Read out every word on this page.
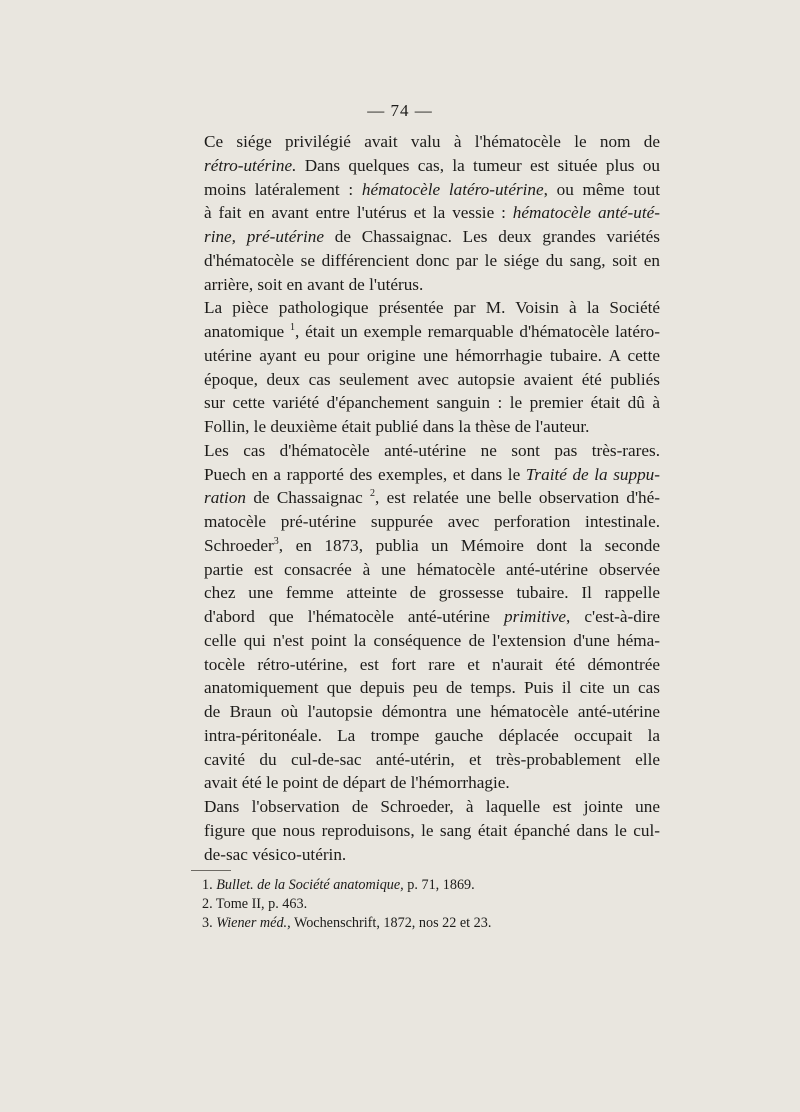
— 74 —

Ce siége privilégié avait valu à l'hématocèle le nom de
rétro-utérine. Dans quelques cas, la tumeur est située plus ou
moins latéralement : hématocèle latéro-utérine, ou même tout
à fait en avant entre l'utérus et la vessie : hématocèle anté-uté-
rine, pré-utérine de Chassaignac. Les deux grandes variétés
d'hématocèle se différencient donc par le siége du sang, soit en
arrière, soit en avant de l'utérus.

La pièce pathologique présentée par M. Voisin à la Société
anatomique $^1$, était un exemple remarquable d'hématocèle latéro-
utérine ayant eu pour origine une hémorrhagie tubaire. A cette
époque, deux cas seulement avec autopsie avaient été publiés
sur cette variété d'épanchement sanguin : le premier était dû à
Follin, le deuxième était publié dans la thèse de l'auteur.

Les cas d'hématocèle anté-utérine ne sont pas très-rares.
Puech en a rapporté des exemples, et dans le Traité de la suppu-
ration de Chassaignac $^2$, est relatée une belle observation d'hé-
matocèle pré-utérine suppurée avec perforation intestinale.
Schroeder$^3$, en 1873, publia un Mémoire dont la seconde
partie est consacrée à une hématocèle anté-utérine observée
chez une femme atteinte de grossesse tubaire. Il rappelle
d'abord que l'hématocèle anté-utérine primitive, c'est-à-dire
celle qui n'est point la conséquence de l'extension d'une héma-
tocèle rétro-utérine, est fort rare et n'aurait été démontrée
anatomiquement que depuis peu de temps. Puis il cite un cas
de Braun où l'autopsie démontra une hématocèle anté-utérine
intra-péritonéale. La trompe gauche déplacée occupait la
cavité du cul-de-sac anté-utérin, et très-probablement elle
avait été le point de départ de l'hémorrhagie.

Dans l'observation de Schroeder, à laquelle est jointe une
figure que nous reproduisons, le sang était épanché dans le cul-
de-sac vésico-utérin.

1. Bullet. de la Société anatomique, p. 71, 1869.
2. Tome II, p. 463.
3. Wiener méd., Wochenschrift, 1872, nos 22 et 23.
